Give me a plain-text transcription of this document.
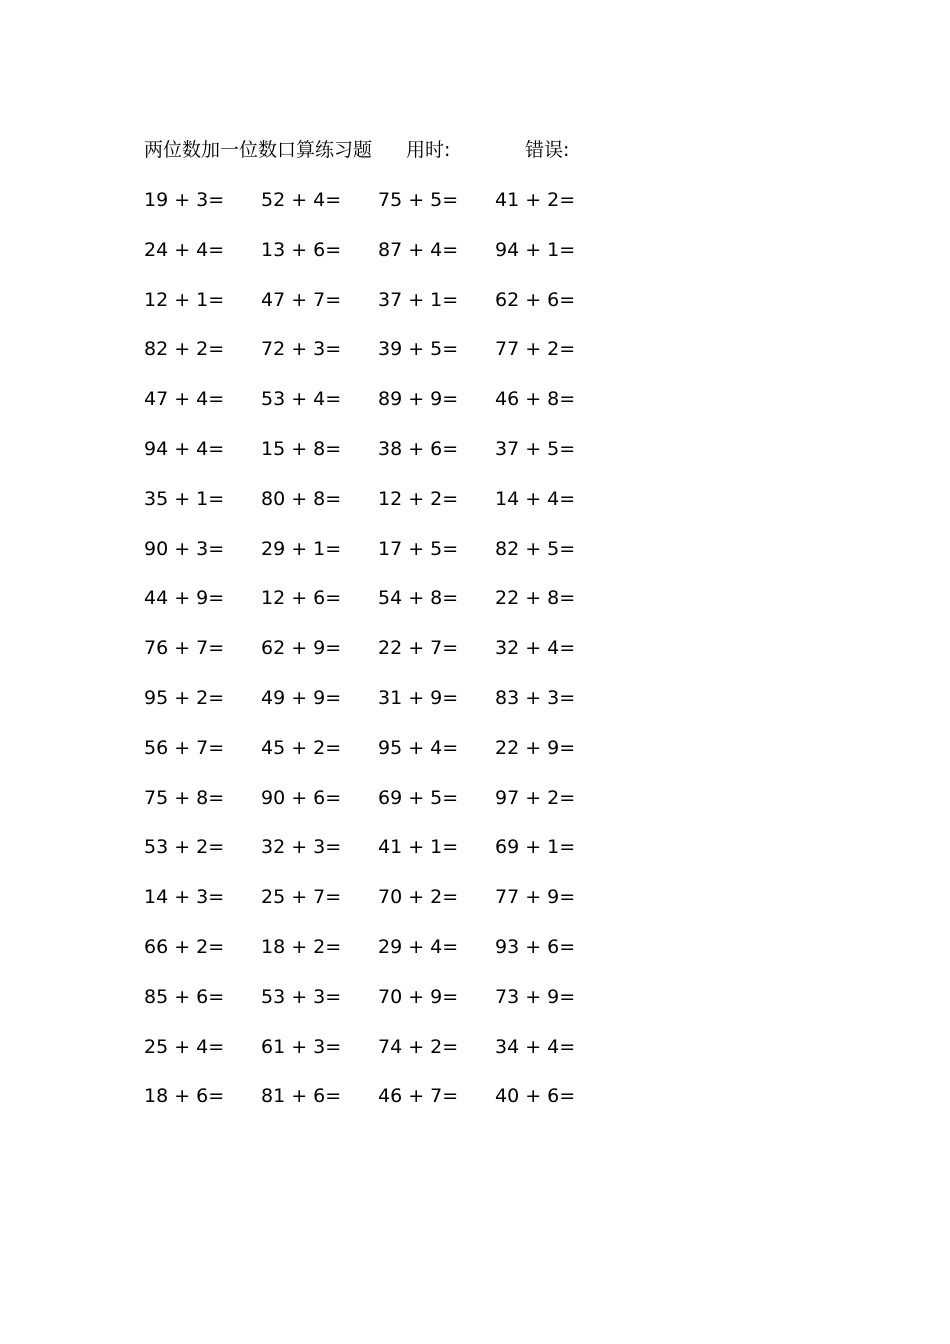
两位数加一位数口算练习题 用时:	错误:
19 + 3= 52 + 4= 75 + 5= 41 + 2=
24 + 4= 13 + 6= 87 + 4= 94 + 1=
12 + 1= 47 + 7= 37 + 1= 62 + 6=
82 + 2= 72 + 3= 39 + 5= 77 + 2=
47 + 4= 53 + 4= 89 + 9= 46 + 8=
94 + 4= 15 + 8= 38 + 6= 37 + 5=
35 + 1= 80 + 8= 12 + 2= 14 + 4=
90 + 3= 29 + 1= 17 + 5= 82 + 5=
44 + 9= 12 + 6= 54 + 8= 22 + 8=
76 + 7= 62 + 9= 22 + 7= 32 + 4=
95 + 2= 49 + 9= 31 + 9= 83 + 3=
56 + 7= 45 + 2= 95 + 4= 22 + 9=
75 + 8= 90 + 6= 69 + 5= 97 + 2=
53 + 2= 32 + 3= 41 + 1= 69 + 1=
14 + 3= 25 + 7= 70 + 2= 77 + 9=
66 + 2= 18 + 2= 29 + 4= 93 + 6=
85 + 6= 53 + 3= 70 + 9= 73 + 9=
25 + 4= 61 + 3= 74 + 2= 34 + 4=
18 + 6= 81 + 6= 46 + 7= 40 + 6=
